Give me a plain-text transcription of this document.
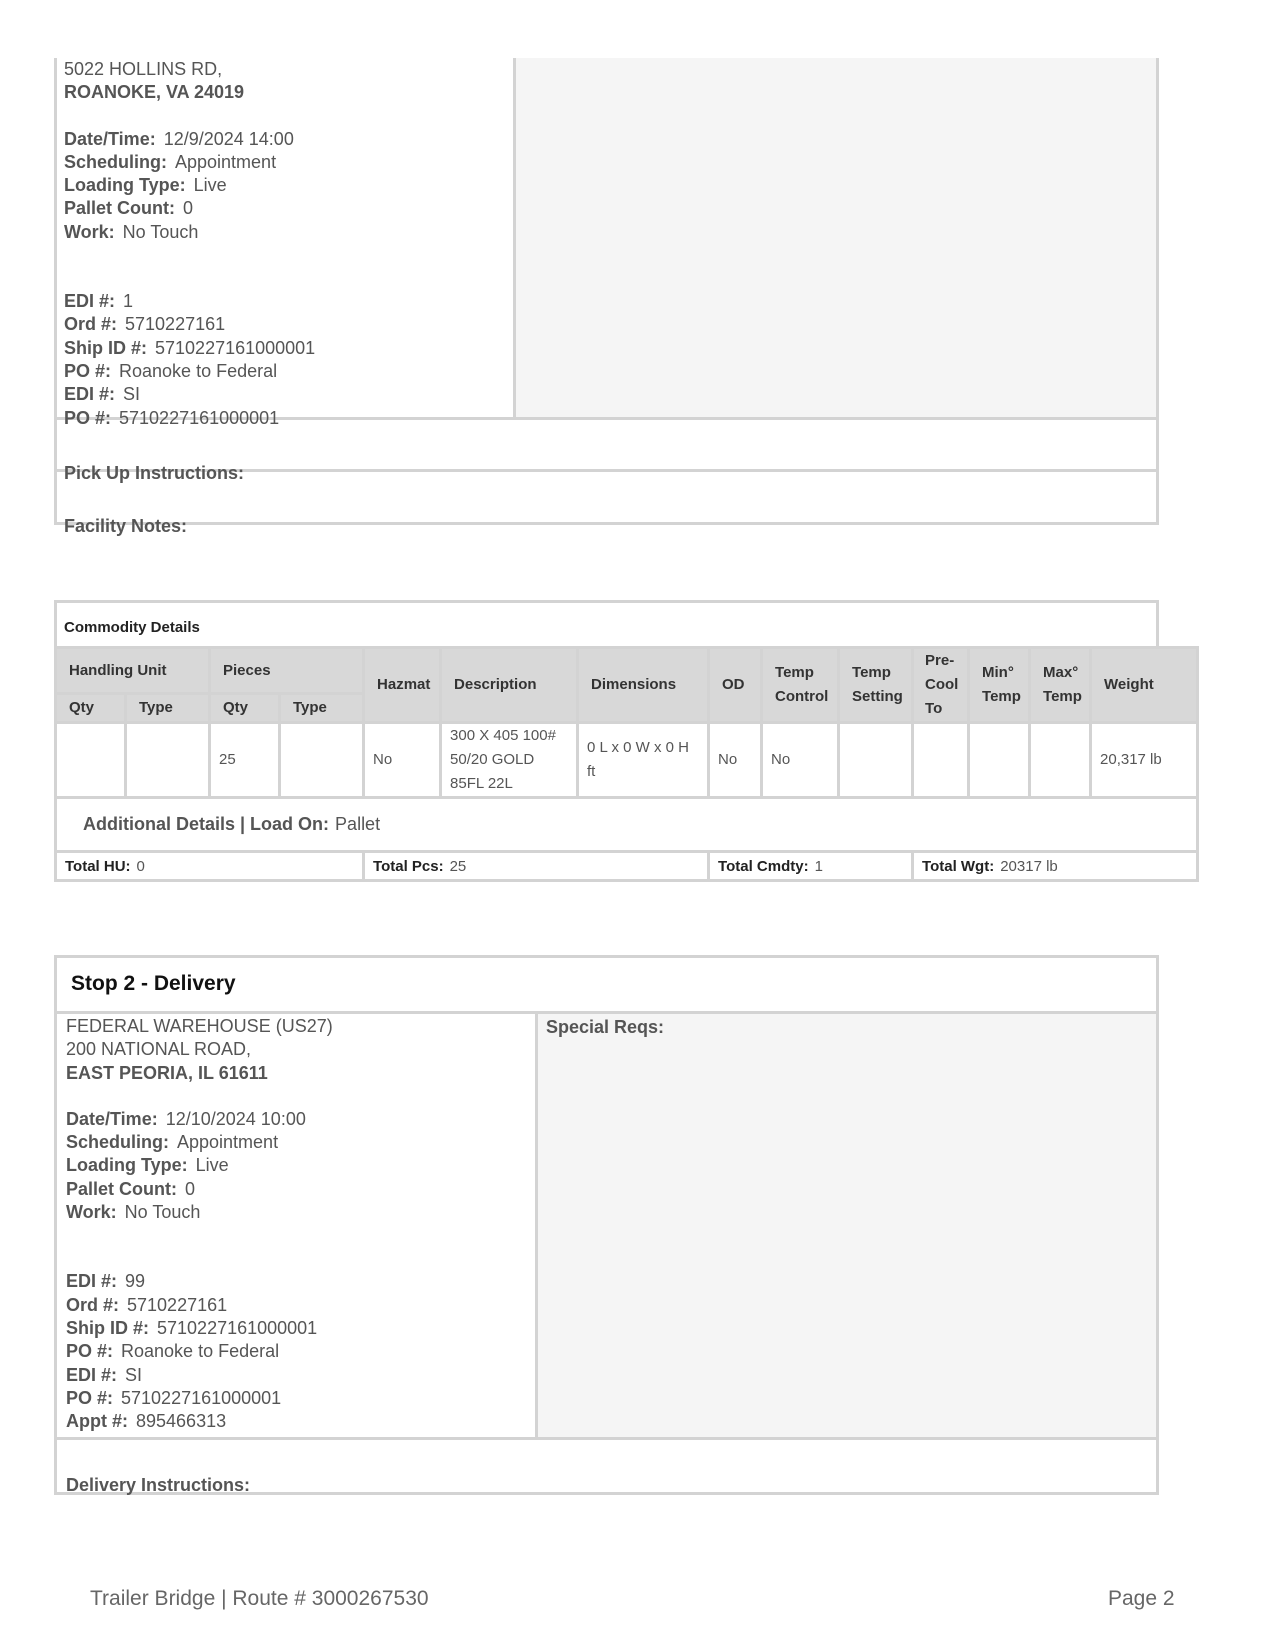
5022 HOLLINS RD,
ROANOKE, VA 24019
Date/Time: 12/9/2024 14:00
Scheduling: Appointment
Loading Type: Live
Pallet Count: 0
Work: No Touch
EDI #: 1
Ord #: 5710227161
Ship ID #: 5710227161000001
PO #: Roanoke to Federal
EDI #: SI
PO #: 5710227161000001
Pick Up Instructions:
Facility Notes:
Commodity Details
Handling Unit		Pieces		Hazmat	Description	Dimensions	OD	Temp Control	Temp Setting	Pre-Cool To	Min° Temp	Max° Temp	Weight
Qty	Type	Qty	Type										
		25		No	300 X 405 100# 50/20 GOLD 85FL 22L	0 L x 0 W x 0 H ft	No	No					20,317 lb
Additional Details | Load On: Pallet													
Total HU: 0				Total Pcs: 25			Total Cmdty: 1			Total Wgt: 20317 lb			
Stop 2 - Delivery
Special Reqs:
FEDERAL WAREHOUSE (US27)
200 NATIONAL ROAD,
EAST PEORIA, IL 61611
Date/Time: 12/10/2024 10:00
Scheduling: Appointment
Loading Type: Live
Pallet Count: 0
Work: No Touch
EDI #: 99
Ord #: 5710227161
Ship ID #: 5710227161000001
PO #: Roanoke to Federal
EDI #: SI
PO #: 5710227161000001
Appt #: 895466313
Delivery Instructions:
Trailer Bridge | Route # 3000267530	Page 2
